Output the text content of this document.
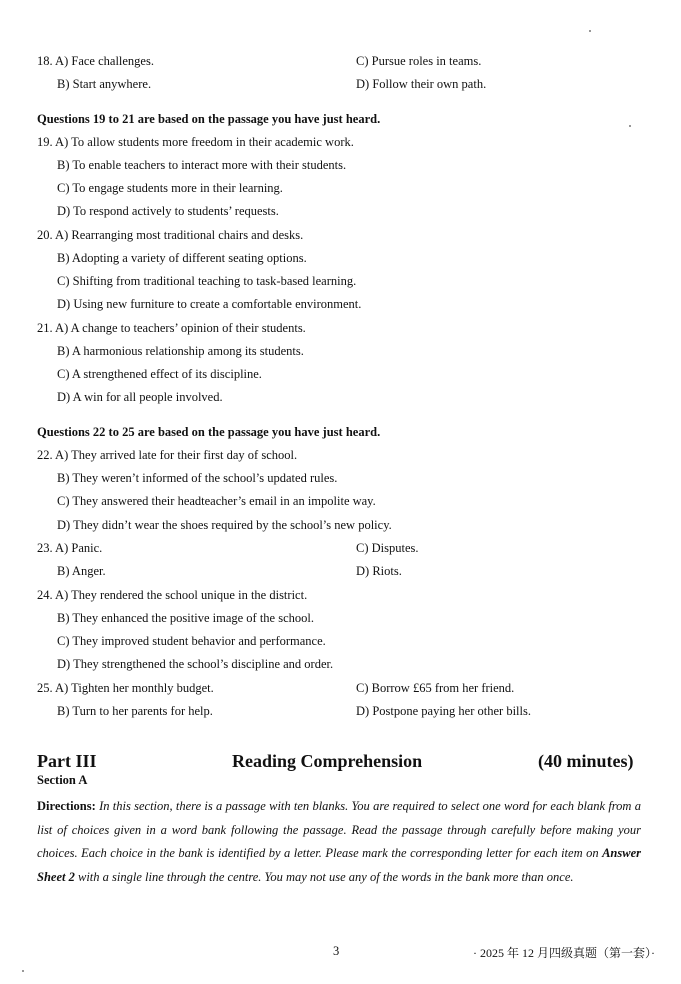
18. A) Face challenges.	C) Pursue roles in teams.
B) Start anywhere.	D) Follow their own path.
Questions 19 to 21 are based on the passage you have just heard.
19. A) To allow students more freedom in their academic work.
B) To enable teachers to interact more with their students.
C) To engage students more in their learning.
D) To respond actively to students’ requests.
20. A) Rearranging most traditional chairs and desks.
B) Adopting a variety of different seating options.
C) Shifting from traditional teaching to task-based learning.
D) Using new furniture to create a comfortable environment.
21. A) A change to teachers’ opinion of their students.
B) A harmonious relationship among its students.
C) A strengthened effect of its discipline.
D) A win for all people involved.
Questions 22 to 25 are based on the passage you have just heard.
22. A) They arrived late for their first day of school.
B) They weren’t informed of the school’s updated rules.
C) They answered their headteacher’s email in an impolite way.
D) They didn’t wear the shoes required by the school’s new policy.
23. A) Panic.	C) Disputes.
B) Anger.	D) Riots.
24. A) They rendered the school unique in the district.
B) They enhanced the positive image of the school.
C) They improved student behavior and performance.
D) They strengthened the school’s discipline and order.
25. A) Tighten her monthly budget.	C) Borrow £65 from her friend.
B) Turn to her parents for help.	D) Postpone paying her other bills.
Part III	Reading Comprehension	(40 minutes)
Section A
Directions: In this section, there is a passage with ten blanks. You are required to select one word for each blank from a list of choices given in a word bank following the passage. Read the passage through carefully before making your choices. Each choice in the bank is identified by a letter. Please mark the corresponding letter for each item on Answer Sheet 2 with a single line through the centre. You may not use any of the words in the bank more than once.
3	· 2025 年 12 月四级真题（第一套）·
